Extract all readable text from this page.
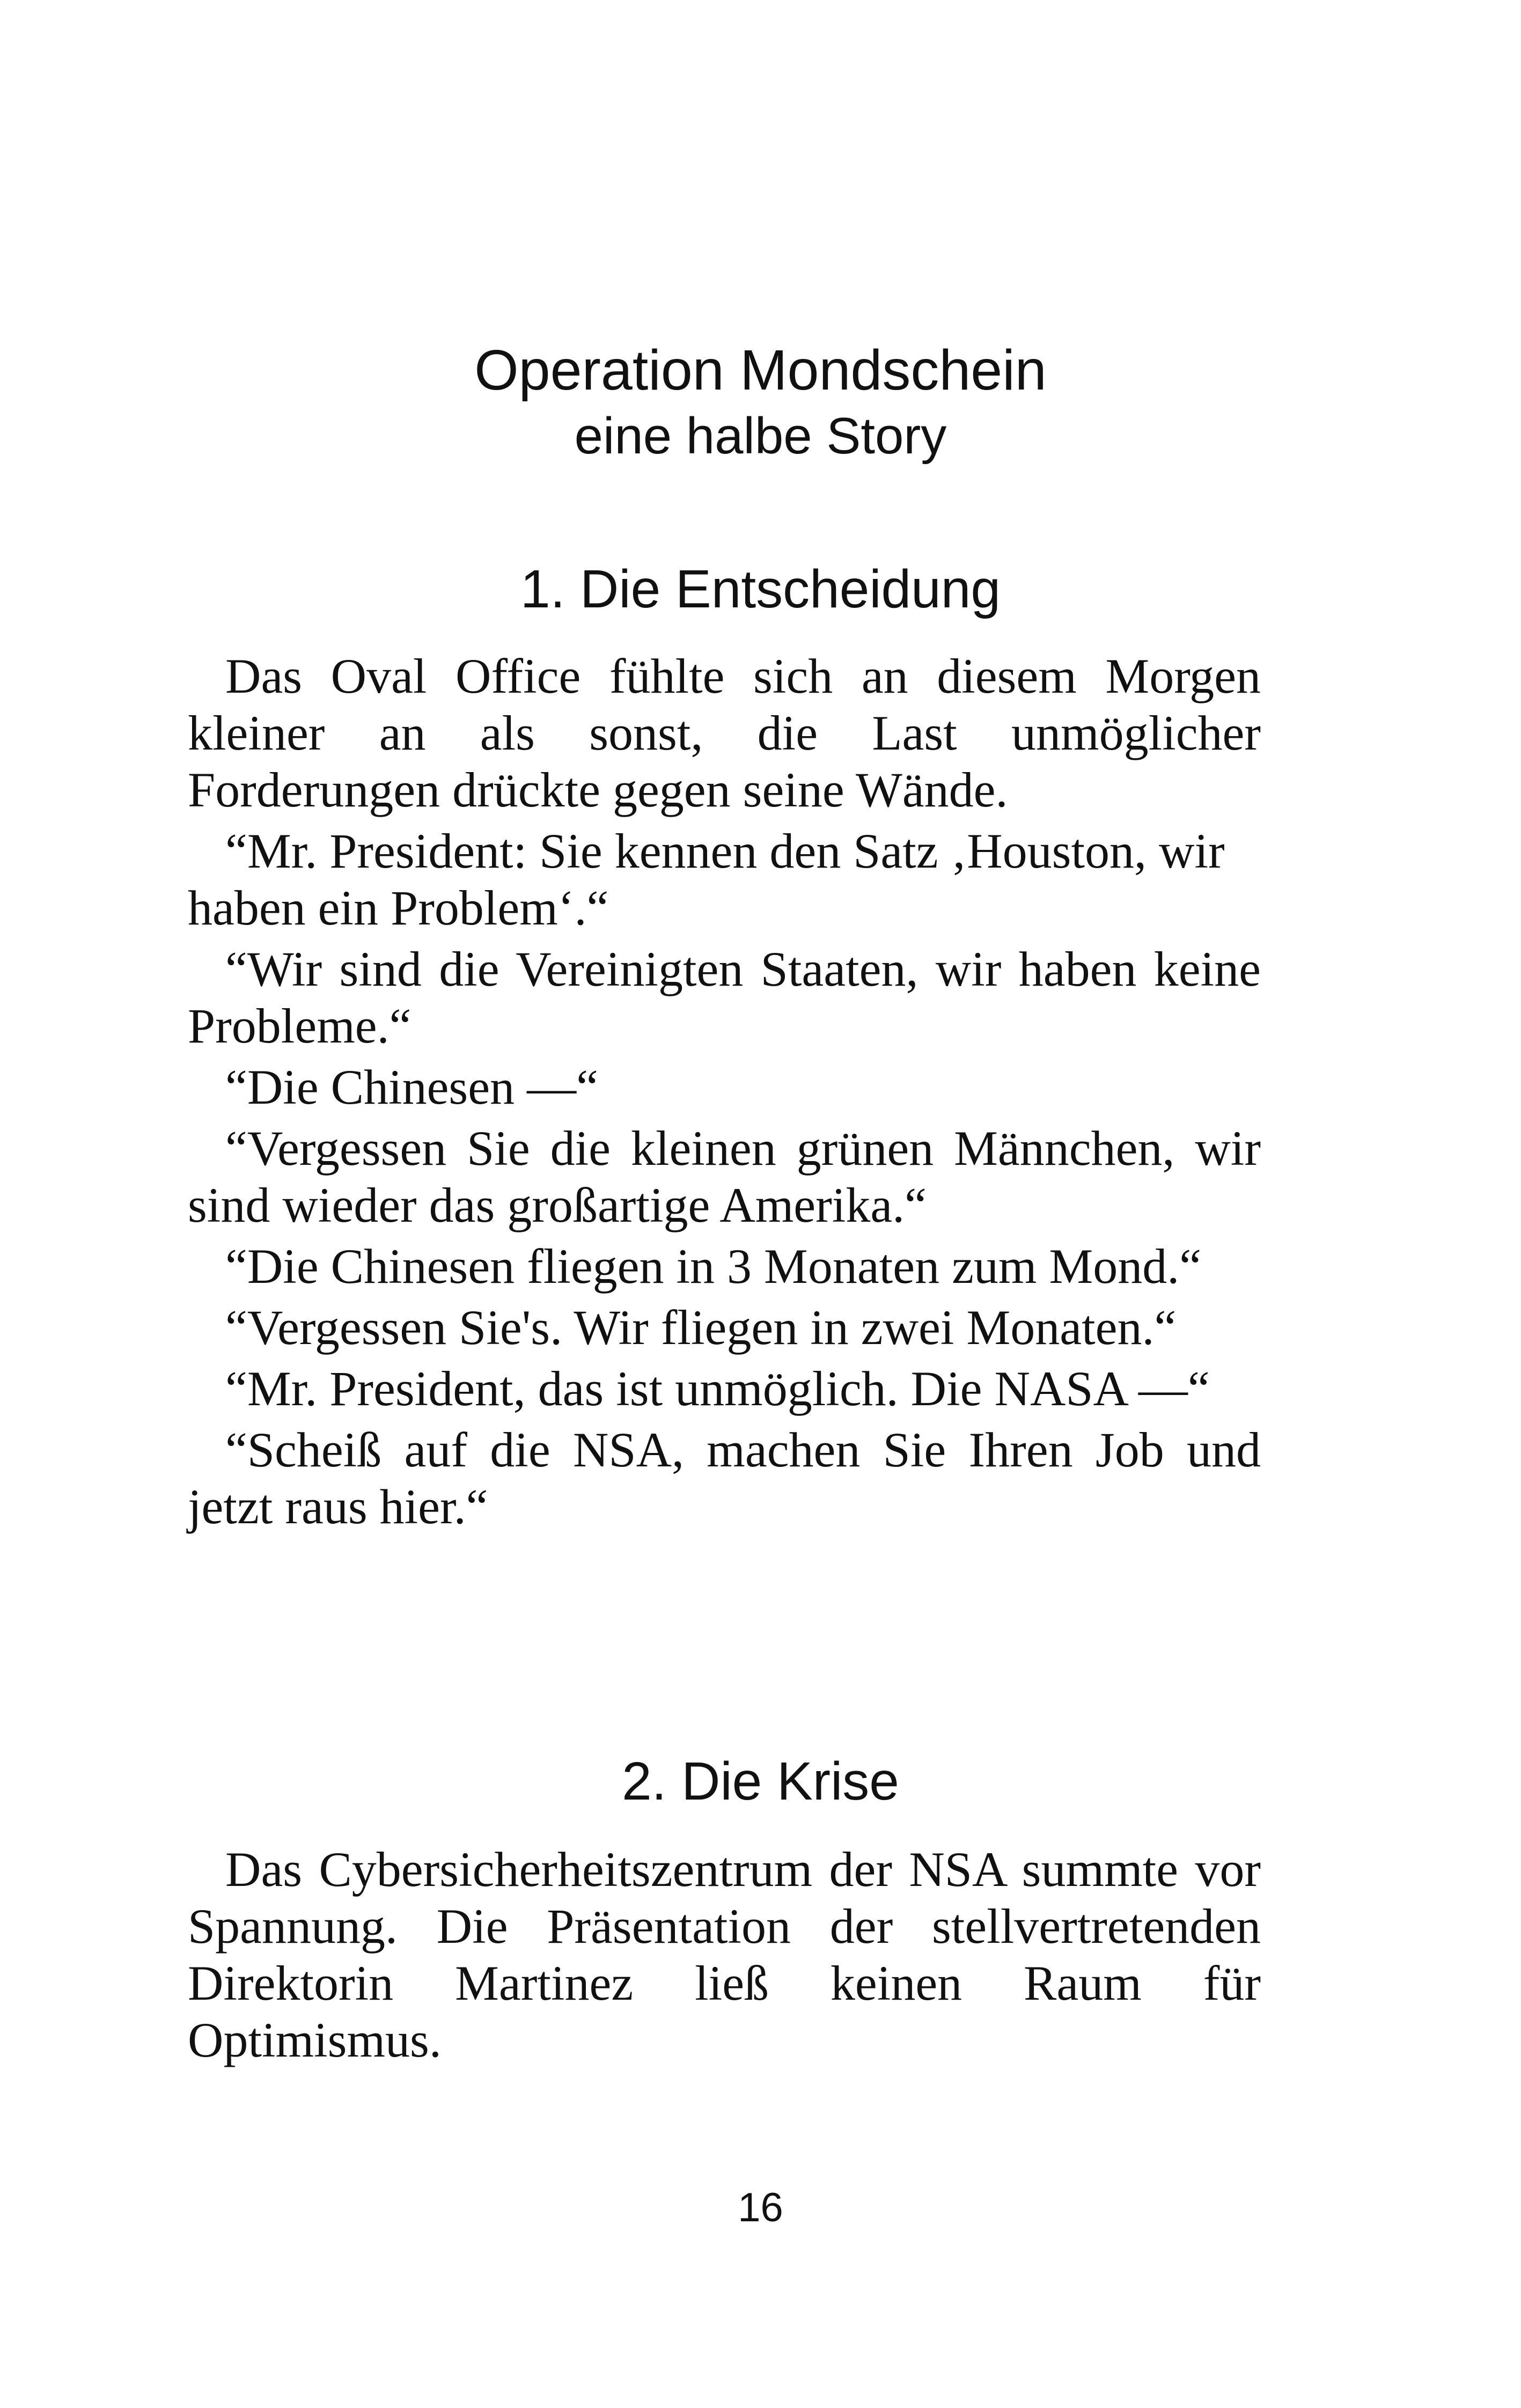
Operation Mondschein
eine halbe Story
1. Die Entscheidung

Das Oval Office fühlte sich an diesem Morgen kleiner an als sonst, die Last unmöglicher Forderungen drückte gegen seine Wände.

“Mr. President: Sie kennen den Satz ‚Houston, wir haben ein Problem‘.“

“Wir sind die Vereinigten Staaten, wir haben keine Probleme.“

“Die Chinesen —“

“Vergessen Sie die kleinen grünen Männchen, wir sind wieder das großartige Amerika.“

“Die Chinesen fliegen in 3 Monaten zum Mond.“

“Vergessen Sie's. Wir fliegen in zwei Monaten.“

“Mr. President, das ist unmöglich. Die NASA —“

“Scheiß auf die NSA, machen Sie Ihren Job und jetzt raus hier.“

2. Die Krise

Das Cybersicherheitszentrum der NSA summte vor Spannung. Die Präsentation der stellvertretenden Direktorin Martinez ließ keinen Raum für Optimismus.

16
